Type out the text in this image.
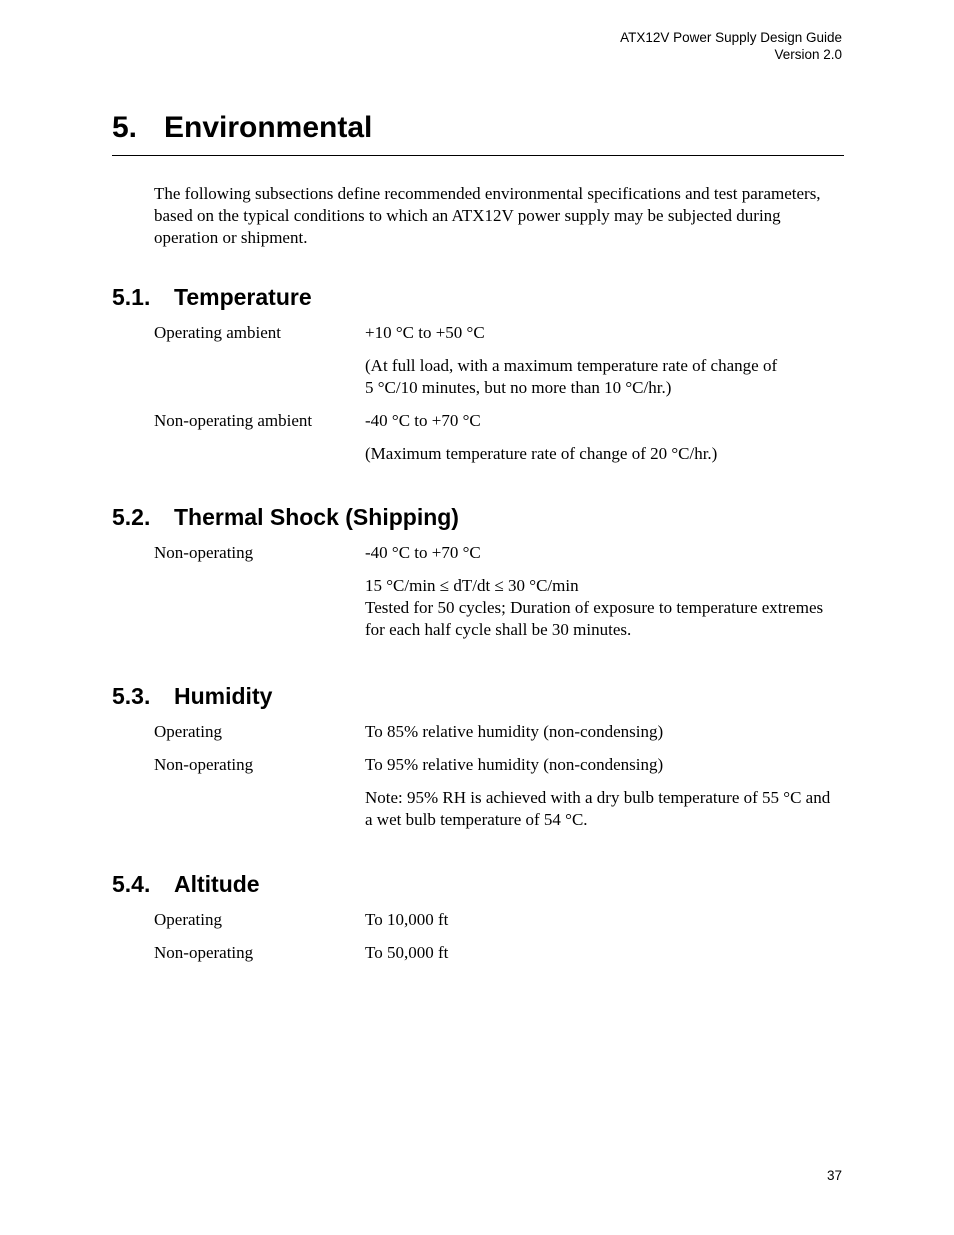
ATX12V Power Supply Design Guide
Version 2.0
5. Environmental
The following subsections define recommended environmental specifications and test parameters, based on the typical conditions to which an ATX12V power supply may be subjected during operation or shipment.
5.1. Temperature
Operating ambient	+10 °C to +50 °C

(At full load, with a maximum temperature rate of change of
5 °C/10 minutes, but no more than 10 °C/hr.)

Non-operating ambient	-40 °C to +70 °C

(Maximum temperature rate of change of 20 °C/hr.)

5.2. Thermal Shock (Shipping)
Non-operating	-40 °C to +70 °C

15 °C/min ≤ dT/dt ≤ 30 °C/min
Tested for 50 cycles; Duration of exposure to temperature extremes for each half cycle shall be 30 minutes.

5.3. Humidity
Operating	To 85% relative humidity (non-condensing)

Non-operating	To 95% relative humidity (non-condensing)

Note: 95% RH is achieved with a dry bulb temperature of 55 °C and a wet bulb temperature of 54 °C.

5.4. Altitude
Operating	To 10,000 ft

Non-operating	To 50,000 ft

37
